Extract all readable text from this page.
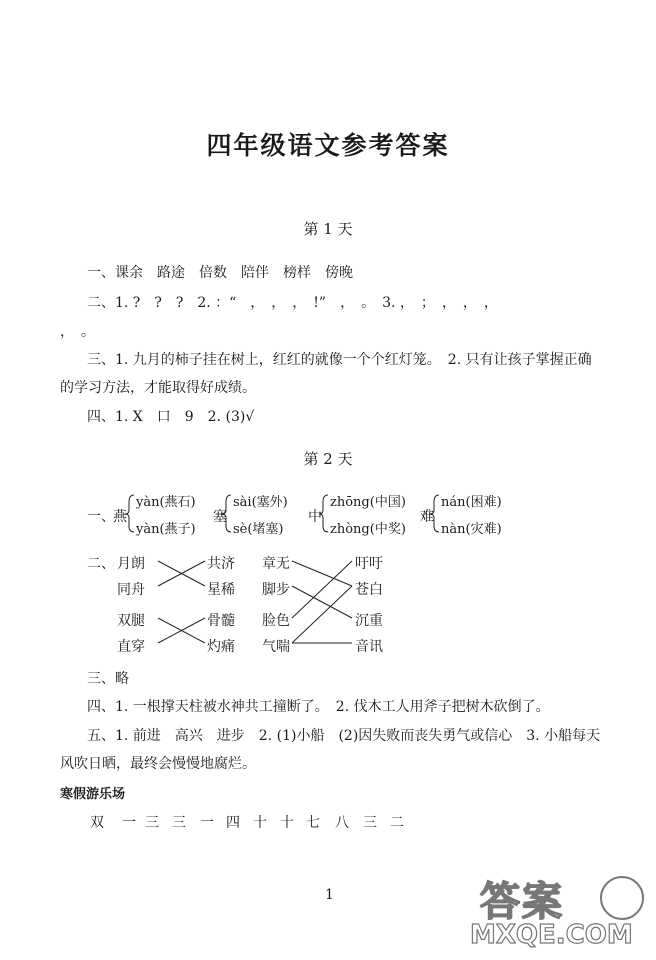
四年级语文参考答案
第 1 天
一、课余　路途　倍数　陪伴　榜样　傍晚
二、1. ?　?　?　2. ：“　，　，　，　!”　，　。　3. ，　；　，　，　，
，　。
三、1. 九月的柿子挂在树上，红红的就像一个个红灯笼。　2. 只有让孩子掌握正确
的学习方法，才能取得好成绩。
四、1. X　口　9　2. (3)√
第 2 天
一、
燕
yàn(燕石)
yàn(燕子)
塞
sài(塞外)
sè(堵塞)
中
zhōng(中国)
zhòng(中奖)
难
nán(困难)
nàn(灾难)
二、 月朗
同舟
双腿
直穿
共济
星稀
骨髓
灼痛
章无
脚步
脸色
气喘
吁吁
苍白
沉重
音讯
三、略
四、1. 一根撑天柱被水神共工撞断了。　2. 伐木工人用斧子把树木砍倒了。
五、1. 前进　高兴　进步　2. (1)小船　(2)因失败而丧失勇气或信心　3. 小船每天
风吹日晒，最终会慢慢地腐烂。
寒假游乐场
双 一 三 三 一 四 十 十 七 八 三 二
1	答案
MXQE.COM
